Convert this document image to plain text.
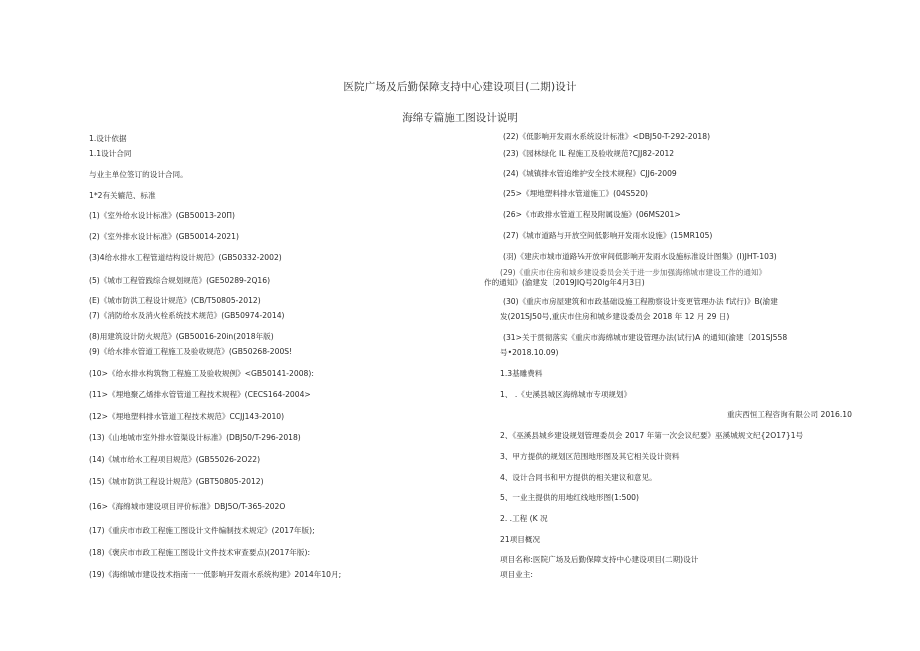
医院广场及后勤保障支持中心建设项目(二期)设计
海绵专篇施工图设计说明
1.设计依据
1.1设计合同
与业主单位签订的设计合同。
1*2有关辘范、标准
(1)《室外给水设计标准》(GB50013-20Π)
(2)《室外排水设计标准》(GB50014-2021)
(3)4给水排水工程管道结构设计规范》(GB50332-2002)
(5)《城市工程管践综合规划规范》(GE50289-2Q16)
(E)《城市防洪工程设计规范》(CB/T50805-2012)
(7)《消防给水及消火栓系统技术规范》(GB50974-2014)
(8)用建筑设计防火规范》(GB50016-20in(2018年版)
(9)《给水排水管道工程施工及验收规范》(GB50268-200S!
(10>《给水排水构筑物工程施工及验收规例》<GB50141-2008):
(11>《埋地聚乙烯排水管管道工程技术规程》(CECS164-2004>
(12>《埋地塑料排水管道工程技术规范》CCJJ143-2010)
(13)《山地城市室外排水管渠设计标准》(DBJ50/T-296-2018)
(14)《城市给水工程项目规范》(GB55026-2O22)
(15)《城市防洪工程设计规范》(GBT50805-2012)
(16>《海绵城市建设项目评价标准》DBJ5O/T-365-202O
(17)《重庆市市政工程施工图设计文件编制技术规定》(2017年版);
(18)《褒庆市市政工程施工图设计文件技术审查要点)(2017年版):
(19)《海绵城市建设技术指南一一低影响开发雨水系统构建》2014年10月;
(22)《低影响开发雨水系统设计标准》<DBJ50-T-292-2018)
(23)《园林绿化 IL 程施工及验收规范?CJJ82-2012
(24)《城镇排水管追维护安全技术规程》CJJ6-2009
(25>《埋地塑料排水管道施工》(04S520)
(26>《市政排水管道工程及附属设施》(06MS201>
(27)《城市道路与开放空间低影响开发雨水设施》(15MR105)
(羽)《建庆市城市道路⅛开放审间低影响开发雨水设施标准设计图集》(I)JHT-103)
(29)《重庆市住房和城乡建设委员会关于进一步加强海绵城市建设工作的通知》
作的通知》(渝建发〔2019JIQ号20lg年4月3日)
(30)《重庆市房屋建筑和市政基础设施工程勘察设计变更管理办法 f试行)》B(渝建
发(201SJ50号,重庆市住房和城乡建设委员会 2018 年 12 月 29 日)
(31>关于贯彻落实《重庆市海绵城市建设管理办法(试行)A 的通知(渝建〔201SJ558
号•2018.10.09)
1.3基雕费料
1、 .《史溪县城区海绵城市专项规划》
重庆西恒工程咨询有限公司 2016.10
2、《巫溪县城乡建设规划管理委员会 2017 年第一次会议纪要》巫溪城规文纪{2O17}1号
3、甲方提供的规划区范围地形图及其它相关设计资料
4、设计合同书和甲方提供的相关建议和意见。
5、一业主提供的用地红线地形图(1:500)
2. .工程 (K 况
21项目概况
项目名称:医院广场及后勤保障支持中心建设项目(二期)设计
项目业主:
